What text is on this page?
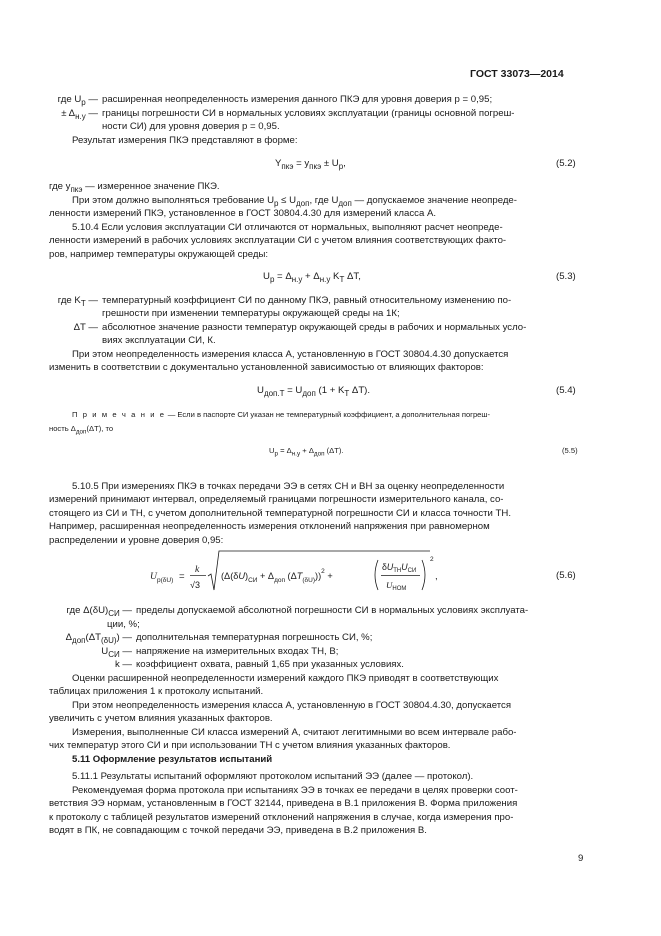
ГОСТ 33073—2014
где $U_p$ — расширенная неопределенность измерения данного ПКЭ для уровня доверия p = 0,95;
± $\Delta_{н.у}$ — границы погрешности СИ в нормальных условиях эксплуатации (границы основной погреш-
ности СИ) для уровня доверия p = 0,95.
Результат измерения ПКЭ представляют в форме:
$Y_{пкэ} = y_{пкэ} \pm U_p$,	(5.2)
где $y_{пкэ}$ — измеренное значение ПКЭ.
При этом должно выполняться требование $U_p \le U_{доп}$, где $U_{доп}$ — допускаемое значение неопреде-
ленности измерений ПКЭ, установленное в ГОСТ 30804.4.30 для измерений класса А.
5.10.4 Если условия эксплуатации СИ отличаются от нормальных, выполняют расчет неопреде-
ленности измерений в рабочих условиях эксплуатации СИ с учетом влияния соответствующих факто-
ров, например температуры окружающей среды:
$U_p = \Delta_{н.у} + \Delta_{н.у}$ $K_T$ ΔT,	(5.3)
где $K_T$ — температурный коэффициент СИ по данному ПКЭ, равный относительному изменению по-
грешности при изменении температуры окружающей среды на 1К;
ΔT — абсолютное значение разности температур окружающей среды в рабочих и нормальных усло-
виях эксплуатации СИ, К.
При этом неопределенность измерения класса А, установленную в ГОСТ 30804.4.30 допускается
изменить в соответствии с документально установленной зависимостью от влияющих факторов:
$U_{доп.T} = U_{доп}$ ($1 + K_T$ ΔT).	(5.4)
П р и м е ч а н и е — Если в паспорте СИ указан не температурный коэффициент, а дополнительная погреш-
ность $\Delta_{доп}(\Delta T)$, то
$U_p = \Delta_{н.у} + \Delta_{доп}$ (ΔT).	(5.5)
5.10.5 При измерениях ПКЭ в точках передачи ЭЭ в сетях СН и ВН за оценку неопределенности
измерений принимают интервал, определяемый границами погрешности измерительного канала, со-
стоящего из СИ и ТН, с учетом дополнительной температурной погрешности СИ и класса точности ТН.
Например, расширенная неопределенность измерения отклонений напряжения при равномерном
распределении и уровне доверия 0,95:
U p(δU) =
k
√3
($\Delta(\delta U)_{СИ} + \Delta_{доп}$ $(\Delta T_{(\delta U)}))^2$ +
$\delta U_{ТН}U_{СИ}$
$U_{НОМ}$
2
,	(5.6)
где $\Delta(\delta U)_{СИ}$ — пределы допускаемой абсолютной погрешности СИ в нормальных условиях эксплуата-
ции, %;
$\Delta_{доп}(\Delta T_{(\delta U)})$ — дополнительная температурная погрешность СИ, %;
$U_{СИ}$ — напряжение на измерительных входах ТН, В;
k — коэффициент охвата, равный 1,65 при указанных условиях.
Оценки расширенной неопределенности измерений каждого ПКЭ приводят в соответствующих
таблицах приложения 1 к протоколу испытаний.
При этом неопределенность измерения класса А, установленную в ГОСТ 30804.4.30, допускается
увеличить с учетом влияния указанных факторов.
Измерения, выполненные СИ класса измерений А, считают легитимными во всем интервале рабо-
чих температур этого СИ и при использовании ТН с учетом влияния указанных факторов.
5.11 Оформление результатов испытаний
5.11.1 Результаты испытаний оформляют протоколом испытаний ЭЭ (далее — протокол).
Рекомендуемая форма протокола при испытаниях ЭЭ в точках ее передачи в целях проверки соот-
ветствия ЭЭ нормам, установленным в ГОСТ 32144, приведена в В.1 приложения В. Форма приложения
к протоколу с таблицей результатов измерений отклонений напряжения в случае, когда измерения про-
водят в ПК, не совпадающим с точкой передачи ЭЭ, приведена в В.2 приложения В.
9
